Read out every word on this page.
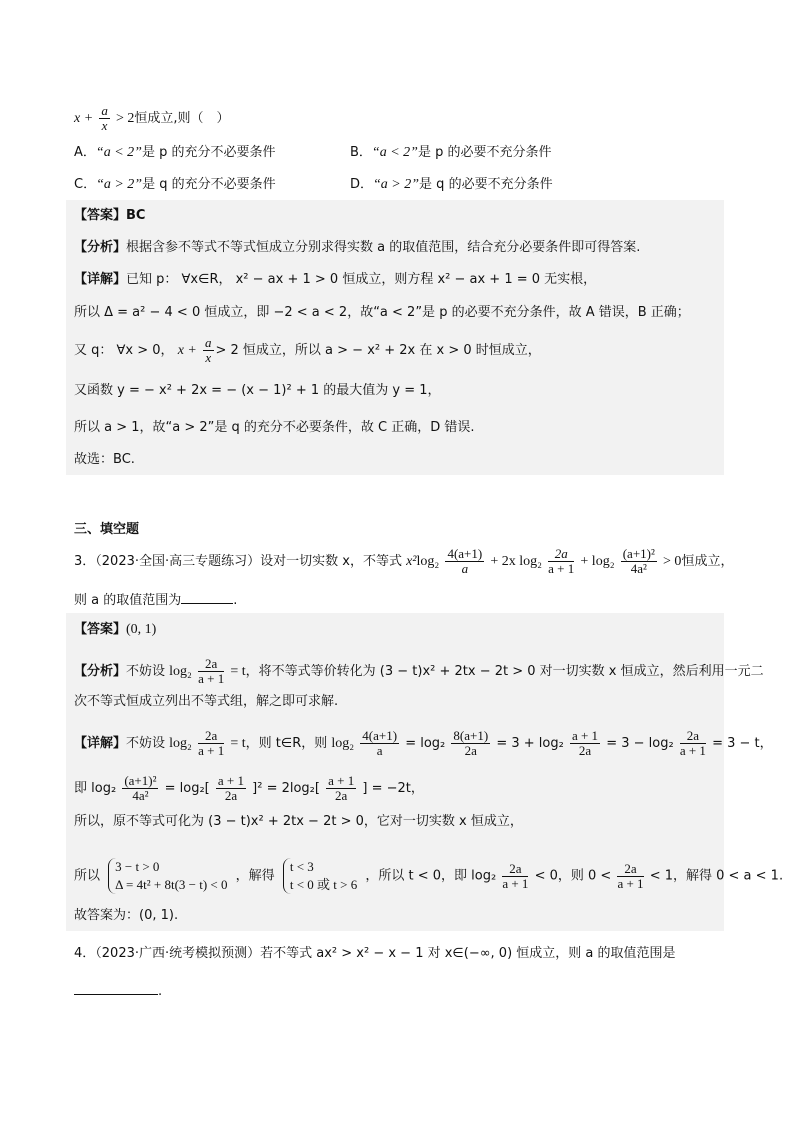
$x + \frac{a}{x} > 2$恒成立,则（　）
A．“a < 2”是 p 的充分不必要条件	B．“a < 2”是 p 的必要不充分条件
C．“a > 2”是 q 的充分不必要条件	D．“a > 2”是 q 的必要不充分条件
【答案】BC
【分析】根据含参不等式不等式恒成立分别求得实数 a 的取值范围，结合充分必要条件即可得答案.
【详解】已知 p： ∀x∈R， x² − ax + 1 > 0 恒成立，则方程 x² − ax + 1 = 0 无实根，
所以 Δ = a² − 4 < 0 恒成立，即 −2 < a < 2，故“a < 2”是 p 的必要不充分条件，故 A 错误，B 正确；
又 q： ∀x > 0， $x + \frac{a}{x} > 2$ 恒成立，所以 a > − x² + 2x 在 x > 0 时恒成立，
又函数 y = − x² + 2x = − (x − 1)² + 1 的最大值为 y = 1，
所以 a > 1，故“a > 2”是 q 的充分不必要条件，故 C 正确，D 错误.
故选：BC.
三、填空题
3．（2023·全国·高三专题练习）设对一切实数 x，不等式 $x^2\log_2 \frac{4(a+1)}{a} + 2x$ $\log_2 \frac{2a}{a + 1} + \log_2 \frac{\text{(a+1)²}}{\text{4a²}} > 0$恒成立，
则 a 的取值范围为	.
【答案】(0, 1)
【分析】不妨设 $\log_2 \frac{2a}{a + 1} = t$，将不等式等价转化为 (3 − t)x² + 2tx − 2t > 0 对一切实数 x 恒成立，然后利用一元二
次不等式恒成立列出不等式组，解之即可求解.
【详解】不妨设 $\log_2 \frac{2a}{a + 1} = t$，则 t∈R，则 $\log_2 \frac{4(a+1)}{a} = \log_2 \frac{8(a+1)}{2a} = 3 + \log_2 \frac{a + 1}{2a} = 3 - \log_2 \frac{2a}{a + 1} = 3 - t$，
即 $\log_2 \frac{\text{(a+1)²}}{\text{4a²}} = \log_2[ \frac{a + 1}{2a} ]^2 = 2\log_2[ \frac{a + 1}{2a}$ ] = −2t，
所以，原不等式可化为 (3 − t)x² + 2tx − 2t > 0，它对一切实数 x 恒成立，
所以
3 − t > 0
Δ = 4t² + 8t(3 − t) < 0
，解得
t < 3
t < 0 或 t > 6
，所以 t < 0，即 $\log_2 \frac{2a}{a + 1} < 0$，则 $0 < \frac{2a}{a + 1} < 1$，解得 0 < a < 1.
故答案为：(0, 1).
4．（2023·广西·统考模拟预测）若不等式 ax² > x² − x − 1 对 x∈(−∞, 0) 恒成立，则 a 的取值范围是
.
